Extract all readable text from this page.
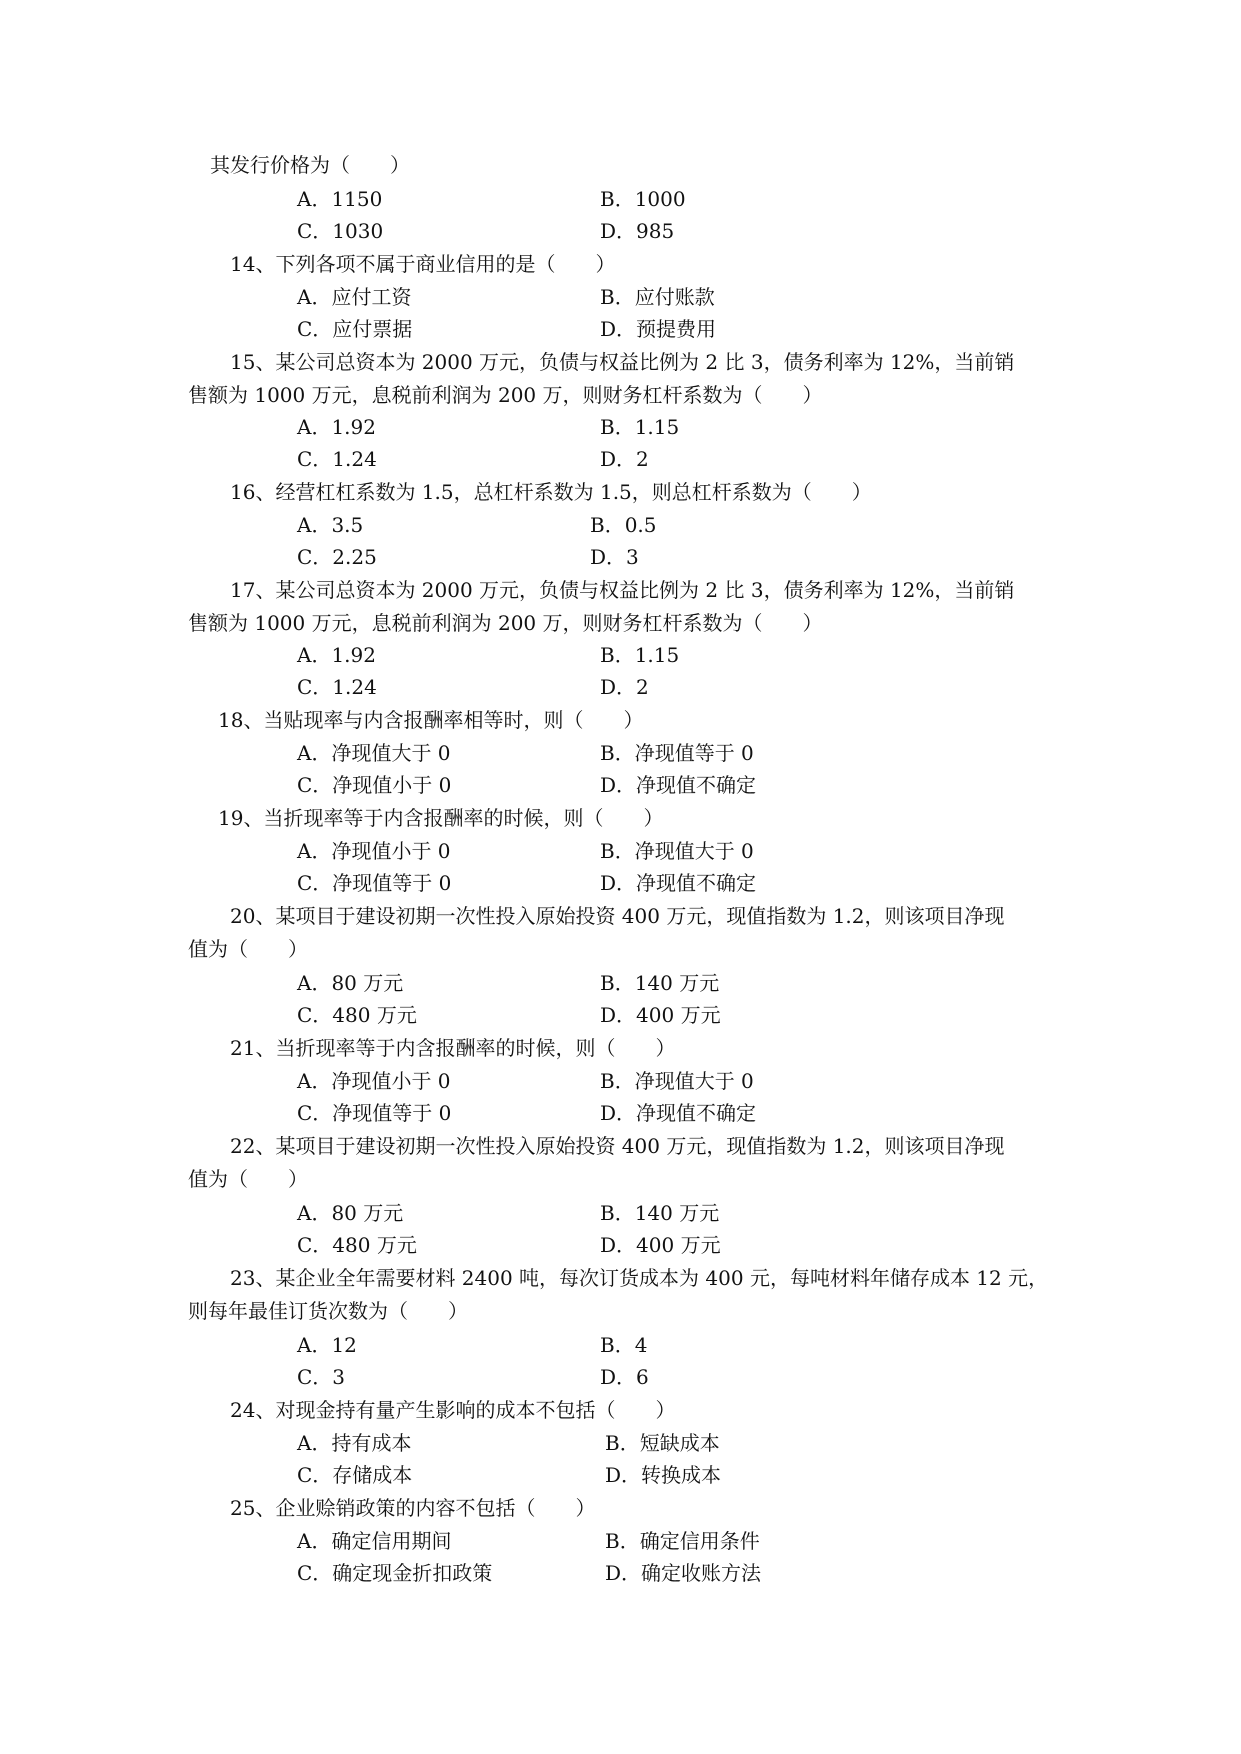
其发行价格为（　　）
A．1150	B．1000
C．1030	D．985
14、下列各项不属于商业信用的是（　　）
A．应付工资	B．应付账款
C．应付票据	D．预提费用
15、某公司总资本为 2000 万元，负债与权益比例为 2 比 3，债务利率为 12%，当前销
售额为 1000 万元，息税前利润为 200 万，则财务杠杆系数为（　　）
A．1.92	B．1.15
C．1.24	D．2
16、经营杠杠系数为 1.5，总杠杆系数为 1.5，则总杠杆系数为（　　）
A．3.5	B．0.5
C．2.25	D．3
17、某公司总资本为 2000 万元，负债与权益比例为 2 比 3，债务利率为 12%，当前销
售额为 1000 万元，息税前利润为 200 万，则财务杠杆系数为（　　）
A．1.92	B．1.15
C．1.24	D．2
18、当贴现率与内含报酬率相等时，则（　　）
A．净现值大于 0	B．净现值等于 0
C．净现值小于 0	D．净现值不确定
19、当折现率等于内含报酬率的时候，则（　　）
A．净现值小于 0	B．净现值大于 0
C．净现值等于 0	D．净现值不确定
20、某项目于建设初期一次性投入原始投资 400 万元，现值指数为 1.2，则该项目净现
值为（　　）
A．80 万元	B．140 万元
C．480 万元	D．400 万元
21、当折现率等于内含报酬率的时候，则（　　）
A．净现值小于 0	B．净现值大于 0
C．净现值等于 0	D．净现值不确定
22、某项目于建设初期一次性投入原始投资 400 万元，现值指数为 1.2，则该项目净现
值为（　　）
A．80 万元	B．140 万元
C．480 万元	D．400 万元
23、某企业全年需要材料 2400 吨，每次订货成本为 400 元，每吨材料年储存成本 12 元，
则每年最佳订货次数为（　　）
A．12	B．4
C．3	D．6
24、对现金持有量产生影响的成本不包括（　　）
A．持有成本	B．短缺成本
C．存储成本	D．转换成本
25、企业赊销政策的内容不包括（　　）
A．确定信用期间	B．确定信用条件
C．确定现金折扣政策	D．确定收账方法
